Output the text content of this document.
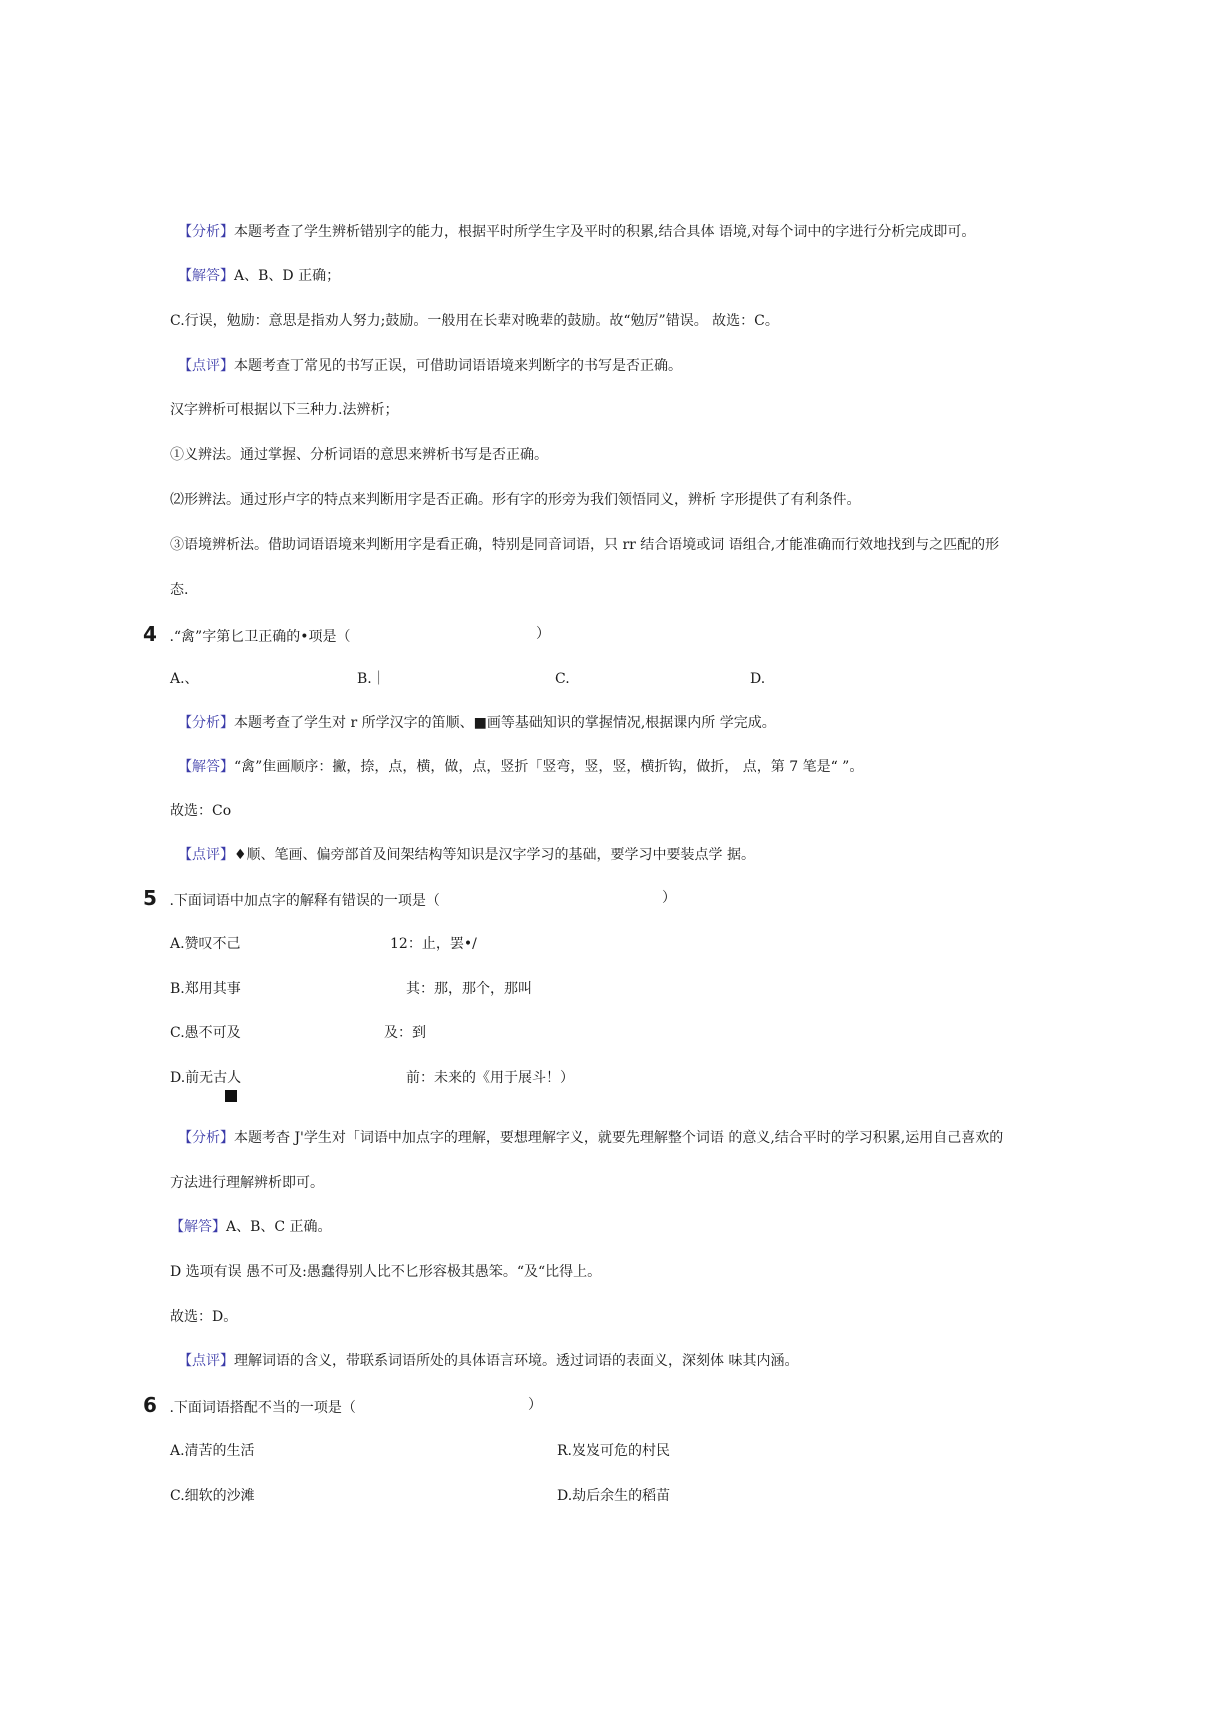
【分析】本题考查了学生辨析错别字的能力，根据平时所学生字及平时的积累,结合具体 语境,对每个词中的字进行分析完成即可。
【解答】A、B、D 正确；
C.行误，勉励：意思是指劝人努力;鼓励。一般用在长辈对晚辈的鼓励。故“勉厉”错误。 故选：C。
【点评】本题考查丁常见的书写正误，可借助词语语境来判断字的书写是否正确。
汉字辨析可根据以下三种力.法辨析；
①义辨法。通过掌握、分析词语的意思来辨析书写是否正确。
⑵形辨法。通过形卢字的特点来判断用字是否正确。形有字的形旁为我们领悟同义，辨析 字形提供了有利条件。
③语境辨析法。借助词语语境来判断用字是看正确，特别是同音词语，只 rr 结合语境或词 语组合,才能准确而行效地找到与之匹配的形
态.
4 .“禽”字第匕卫正确的•项是（	）
A.、	B.｜	C.	D.
【分析】本题考查了学生对 r 所学汉字的笛顺、■画等基础知识的掌握情况,根据课内所 学完成。
【解答】“禽”隹画顺序：撇，捺，点，横，做，点，竖折「竖弯，竖，竖，横折钩，做折， 点，第 7 笔是“ ”。
故选：Co
【点评】♦顺、笔画、偏旁部首及间架结构等知识是汉字学习的基础，要学习中要装点学 据。
5 .下面词语中加点字的解释有错误的一项是（	）
A.赞叹不己	12：止，罢•/
B.郑用其事	其：那，那个，那叫
C.愚不可及	及：到
D.前无古人	前：未来的《用于展斗！）
【分析】本题考杳 J'学生对「词语中加点字的理解，要想理解字义，就要先理解整个词语 的意义,结合平时的学习积累,运用自己喜欢的
方法进行理解辨析即可。
【解答】A、B、C 正确。
D 选项有误 愚不可及:愚蠢得别人比不匕形容极其愚笨。“及“比得上。
故选：D。
【点评】理解词语的含义，带联系词语所处的具体语言环境。透过词语的表面义，深刻体 味其内涵。
6 .下面词语搭配不当的一项是（	）
A.清苦的生活	R.岌岌可危的村民
C.细软的沙滩	D.劫后余生的稻苗
